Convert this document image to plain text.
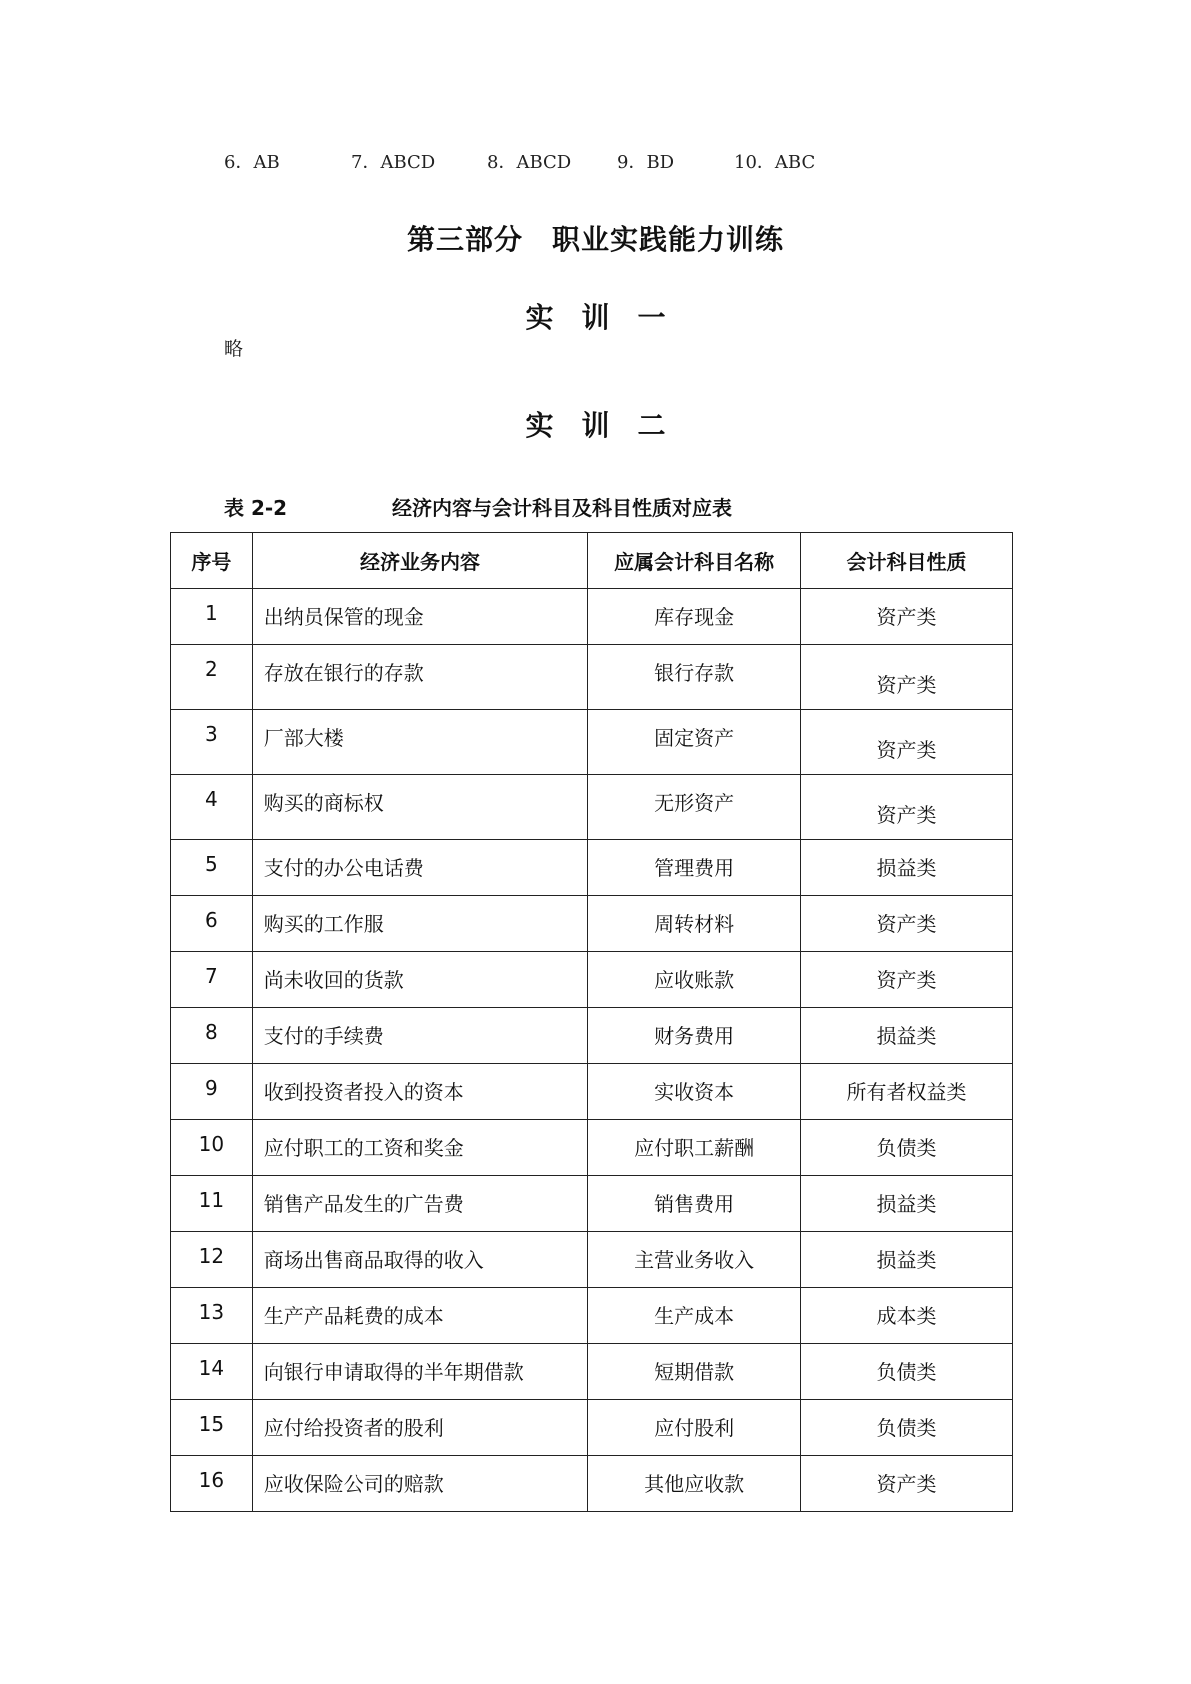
6．AB	7．ABCD	8．ABCD	9．BD	10．ABC
第三部分　职业实践能力训练
实　训　一
略
实　训　二
表 2-2	经济内容与会计科目及科目性质对应表
序号	经济业务内容	应属会计科目名称	会计科目性质
1	出纳员保管的现金	库存现金	资产类
2	存放在银行的存款	银行存款	资产类
3	厂部大楼	固定资产	资产类
4	购买的商标权	无形资产	资产类
5	支付的办公电话费	管理费用	损益类
6	购买的工作服	周转材料	资产类
7	尚未收回的货款	应收账款	资产类
8	支付的手续费	财务费用	损益类
9	收到投资者投入的资本	实收资本	所有者权益类
10	应付职工的工资和奖金	应付职工薪酬	负债类
11	销售产品发生的广告费	销售费用	损益类
12	商场出售商品取得的收入	主营业务收入	损益类
13	生产产品耗费的成本	生产成本	成本类
14	向银行申请取得的半年期借款	短期借款	负债类
15	应付给投资者的股利	应付股利	负债类
16	应收保险公司的赔款	其他应收款	资产类
